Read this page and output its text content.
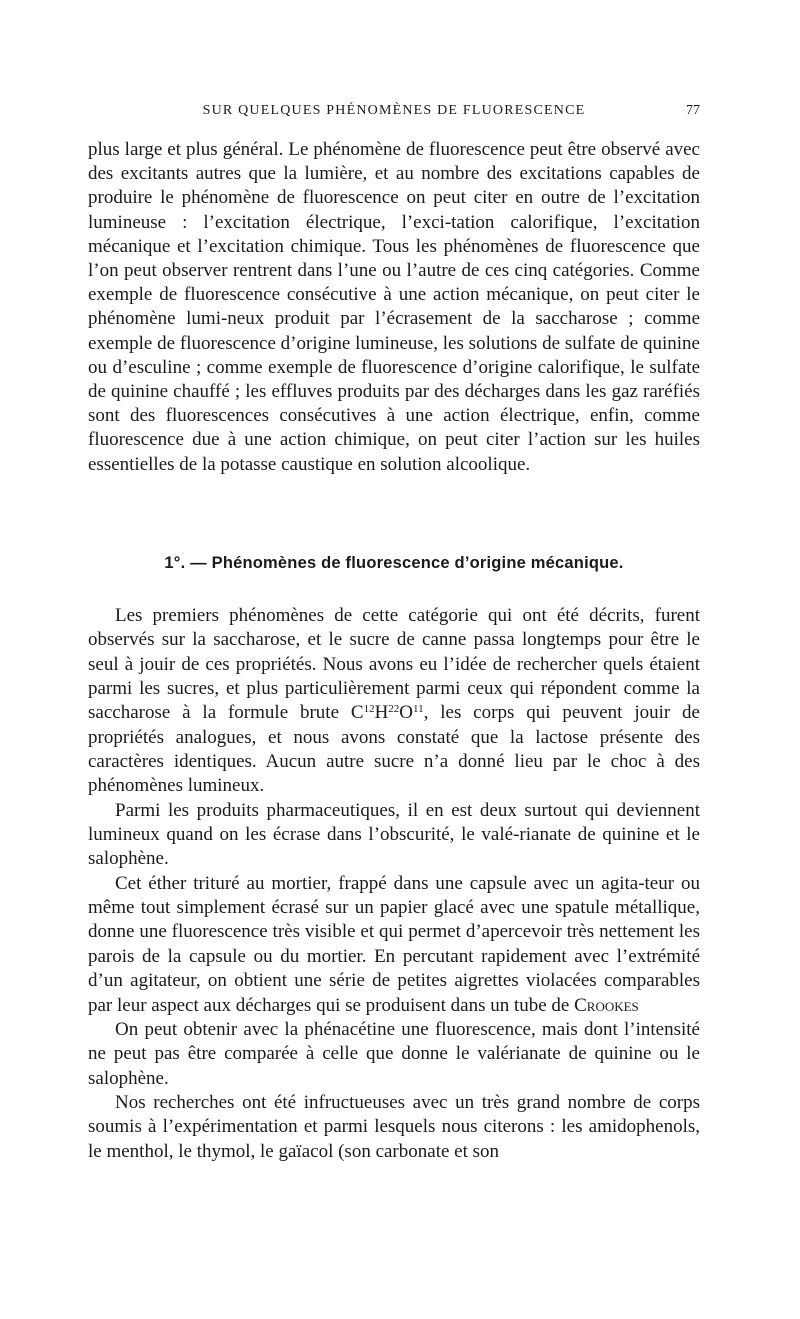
SUR QUELQUES PHÉNOMÈNES DE FLUORESCENCE	77

plus large et plus général. Le phénomène de fluorescence peut être observé avec des excitants autres que la lumière, et au nombre des excitations capables de produire le phénomène de fluorescence on peut citer en outre de l’excitation lumineuse : l’excitation électrique, l’exci-tation calorifique, l’excitation mécanique et l’excitation chimique. Tous les phénomènes de fluorescence que l’on peut observer rentrent dans l’une ou l’autre de ces cinq catégories. Comme exemple de fluorescence consécutive à une action mécanique, on peut citer le phénomène lumi-neux produit par l’écrasement de la saccharose ; comme exemple de fluorescence d’origine lumineuse, les solutions de sulfate de quinine ou d’esculine ; comme exemple de fluorescence d’origine calorifique, le sulfate de quinine chauffé ; les effluves produits par des décharges dans les gaz raréfiés sont des fluorescences consécutives à une action électrique, enfin, comme fluorescence due à une action chimique, on peut citer l’action sur les huiles essentielles de la potasse caustique en solution alcoolique.

1°. — Phénomènes de fluorescence d’origine mécanique.

Les premiers phénomènes de cette catégorie qui ont été décrits, furent observés sur la saccharose, et le sucre de canne passa longtemps pour être le seul à jouir de ces propriétés. Nous avons eu l’idée de rechercher quels étaient parmi les sucres, et plus particulièrement parmi ceux qui répondent comme la saccharose à la formule brute $C^{12}H^{22}O^{11}$, les corps qui peuvent jouir de propriétés analogues, et nous avons constaté que la lactose présente des caractères identiques. Aucun autre sucre n’a donné lieu par le choc à des phénomènes lumineux.

Parmi les produits pharmaceutiques, il en est deux surtout qui deviennent lumineux quand on les écrase dans l’obscurité, le valé-rianate de quinine et le salophène.

Cet éther trituré au mortier, frappé dans une capsule avec un agita-teur ou même tout simplement écrasé sur un papier glacé avec une spatule métallique, donne une fluorescence très visible et qui permet d’apercevoir très nettement les parois de la capsule ou du mortier. En percutant rapidement avec l’extrémité d’un agitateur, on obtient une série de petites aigrettes violacées comparables par leur aspect aux décharges qui se produisent dans un tube de Crookes

On peut obtenir avec la phénacétine une fluorescence, mais dont l’intensité ne peut pas être comparée à celle que donne le valérianate de quinine ou le salophène.

Nos recherches ont été infructueuses avec un très grand nombre de corps soumis à l’expérimentation et parmi lesquels nous citerons : les amidophenols, le menthol, le thymol, le gaïacol (son carbonate et son
